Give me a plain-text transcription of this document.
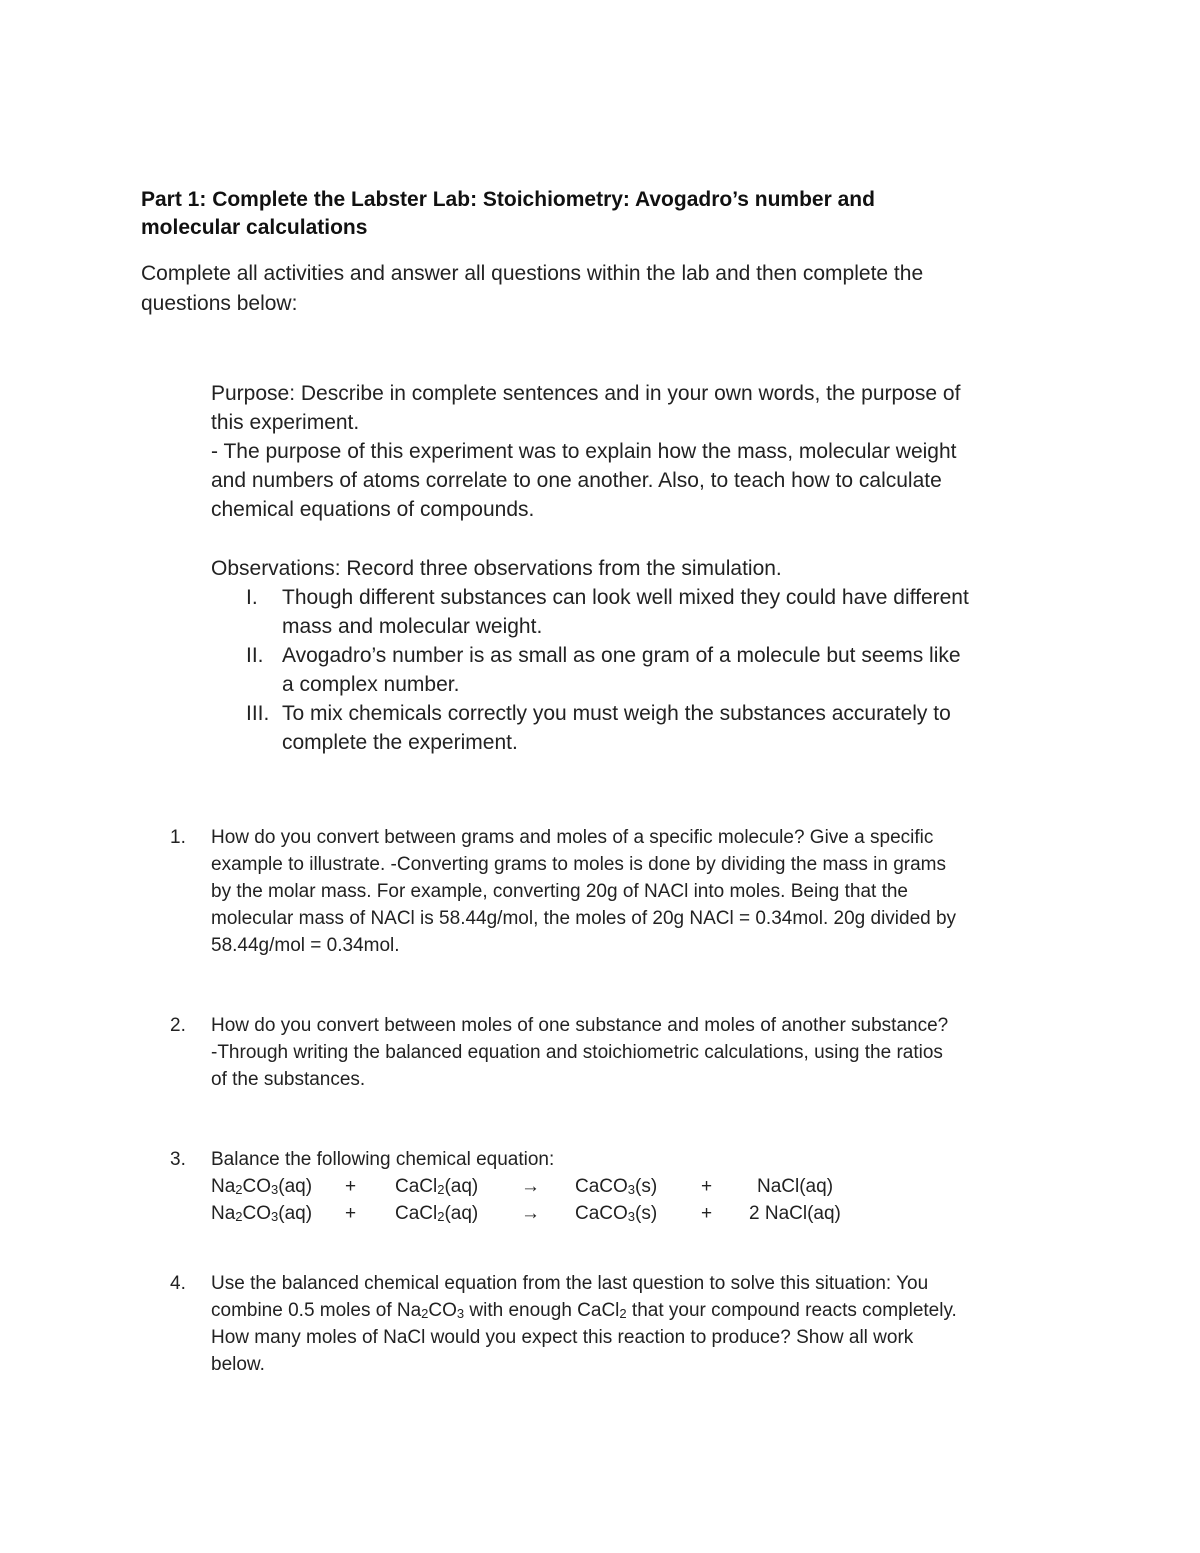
Part 1: Complete the Labster Lab: Stoichiometry: Avogadro’s number and
molecular calculations
Complete all activities and answer all questions within the lab and then complete the
questions below:
Purpose: Describe in complete sentences and in your own words, the purpose of
this experiment.
- The purpose of this experiment was to explain how the mass, molecular weight
and numbers of atoms correlate to one another. Also, to teach how to calculate
chemical equations of compounds.
Observations: Record three observations from the simulation.
I.	Though different substances can look well mixed they could have different
mass and molecular weight.
II. Avogadro’s number is as small as one gram of a molecule but seems like
a complex number.
III. To mix chemicals correctly you must weigh the substances accurately to
complete the experiment.
1.	How do you convert between grams and moles of a specific molecule? Give a specific
example to illustrate. -Converting grams to moles is done by dividing the mass in grams
by the molar mass. For example, converting 20g of NACl into moles. Being that the
molecular mass of NACl is 58.44g/mol, the moles of 20g NACl = 0.34mol. 20g divided by
58.44g/mol = 0.34mol.
2.	How do you convert between moles of one substance and moles of another substance?
-Through writing the balanced equation and stoichiometric calculations, using the ratios
of the substances.
3.	Balance the following chemical equation:
$Na_2CO_3(aq)$	+	CaCl$_2$(aq)	→	CaCO$_3$(s)	+	NaCl(aq)
$Na_2CO_3(aq)$	+	CaCl$_2$(aq)	→	CaCO$_3$(s)	+	2 NaCl(aq)
4.	Use the balanced chemical equation from the last question to solve this situation: You
combine 0.5 moles of $Na_2CO_3$ with enough CaCl$_2$ that your compound reacts completely.
How many moles of NaCl would you expect this reaction to produce? Show all work
below.
